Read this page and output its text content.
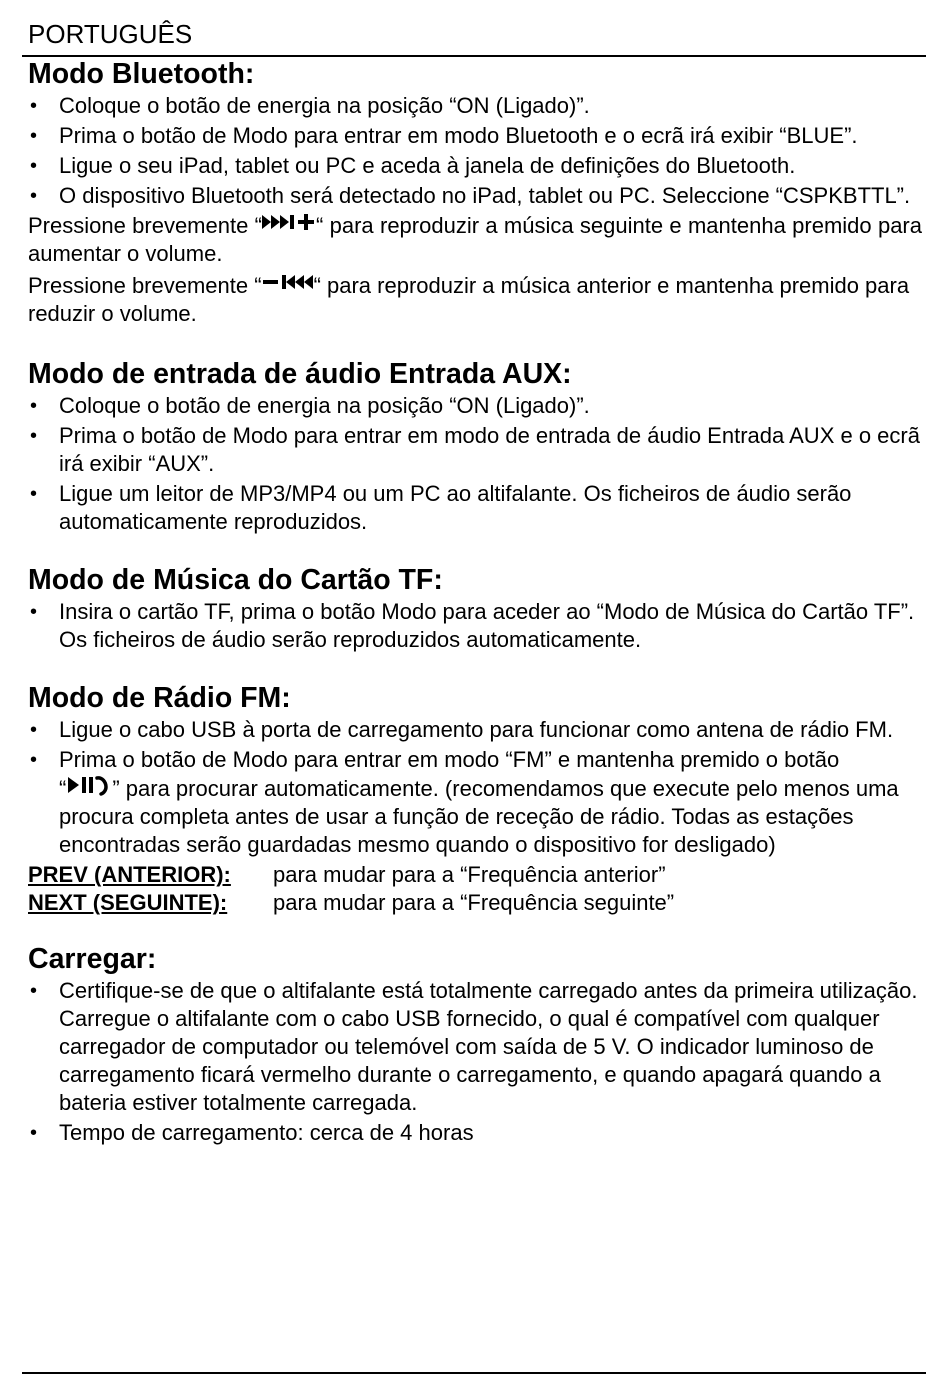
PORTUGUÊS
Modo Bluetooth:
• Coloque o botão de energia na posição “ON (Ligado)”.
• Prima o botão de Modo para entrar em modo Bluetooth e o ecrã irá exibir “BLUE”.
• Ligue o seu iPad, tablet ou PC e aceda à janela de definições do Bluetooth.
• O dispositivo Bluetooth será detectado no iPad, tablet ou PC. Seleccione “CSPKBTTL”.

Pressione brevemente “ “ para reproduzir a música seguinte e mantenha premido para aumentar o volume.

Pressione brevemente “ “ para reproduzir a música anterior e mantenha premido para reduzir o volume.

Modo de entrada de áudio Entrada AUX:
• Coloque o botão de energia na posição “ON (Ligado)”.
• Prima o botão de Modo para entrar em modo de entrada de áudio Entrada AUX e o ecrã irá exibir “AUX”.
• Ligue um leitor de MP3/MP4 ou um PC ao altifalante. Os ficheiros de áudio serão automaticamente reproduzidos.
Modo de Música do Cartão TF:
• Insira o cartão TF, prima o botão Modo para aceder ao “Modo de Música do Cartão TF”. Os ficheiros de áudio serão reproduzidos automaticamente.
Modo de Rádio FM:
• Ligue o cabo USB à porta de carregamento para funcionar como antena de rádio FM.
• Prima o botão de Modo para entrar em modo “FM” e mantenha premido o botão
“ ” para procurar automaticamente. (recomendamos que execute pelo menos uma procura completa antes de usar a função de receção de rádio. Todas as estações encontradas serão guardadas mesmo quando o dispositivo for desligado)
PREV (ANTERIOR):	para mudar para a “Frequência anterior”
NEXT (SEGUINTE):	para mudar para a “Frequência seguinte”
Carregar:
• Certifique-se de que o altifalante está totalmente carregado antes da primeira utilização. Carregue o altifalante com o cabo USB fornecido, o qual é compatível com qualquer carregador de computador ou telemóvel com saída de 5 V. O indicador luminoso de carregamento ficará vermelho durante o carregamento, e quando apagará quando a bateria estiver totalmente carregada.
• Tempo de carregamento: cerca de 4 horas
